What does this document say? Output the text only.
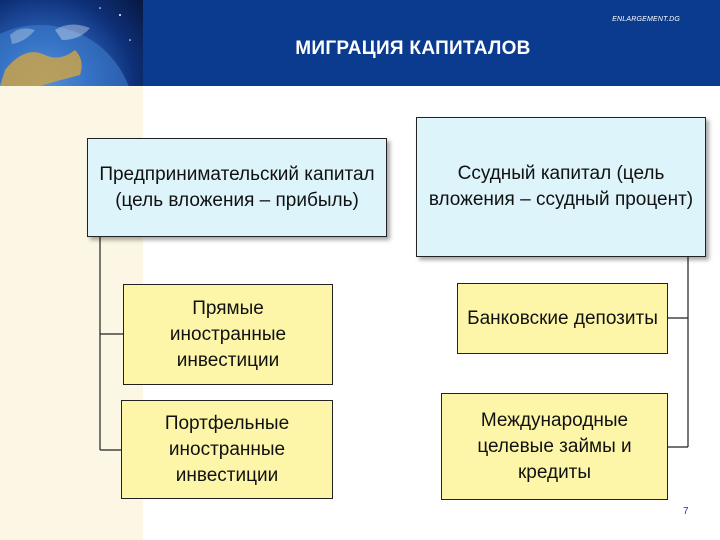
ENLARGEMENT.DG
МИГРАЦИЯ КАПИТАЛОВ
Предпринимательский капитал (цель вложения – прибыль)
Ссудный капитал (цель вложения – ссудный процент)
Прямые иностранные инвестиции
Портфельные иностранные инвестиции
Банковские депозиты
Международные целевые займы и кредиты
7
